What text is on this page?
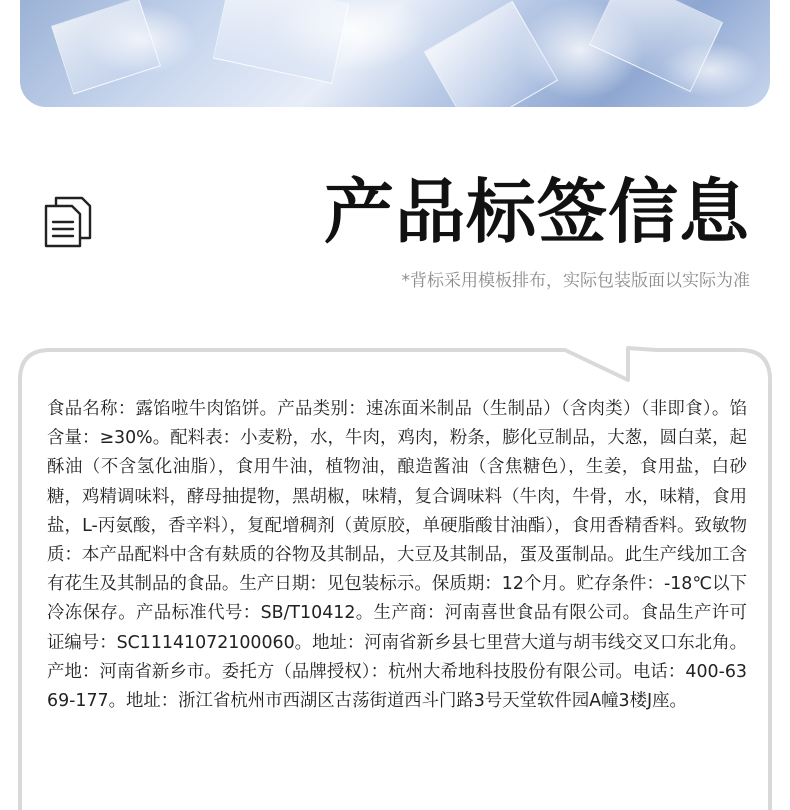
产品标签信息
*背标采用模板排布，实际包装版面以实际为准

食品名称：露馅啦牛肉馅饼。产品类别：速冻面米制品（生制品）（含肉类）（非即食）。馅含量：≥30%。配料表：小麦粉，水，牛肉，鸡肉，粉条，膨化豆制品，大葱，圆白菜，起酥油（不含氢化油脂），食用牛油，植物油，酿造酱油（含焦糖色），生姜，食用盐，白砂糖，鸡精调味料，酵母抽提物，黑胡椒，味精，复合调味料（牛肉，牛骨，水，味精，食用盐，L-丙氨酸，香辛料），复配增稠剂（黄原胶，单硬脂酸甘油酯），食用香精香料。致敏物质：本产品配料中含有麸质的谷物及其制品，大豆及其制品，蛋及蛋制品。此生产线加工含有花生及其制品的食品。生产日期：见包装标示。保质期：12个月。贮存条件：-18℃以下冷冻保存。产品标准代号：SB/T10412。生产商：河南喜世食品有限公司。食品生产许可证编号：SC11141072100060。地址：河南省新乡县七里营大道与胡韦线交叉口东北角。产地：河南省新乡市。委托方（品牌授权）：杭州大希地科技股份有限公司。电话：400-6369-177。地址：浙江省杭州市西湖区古荡街道西斗门路3号天堂软件园A幢3楼J座。
